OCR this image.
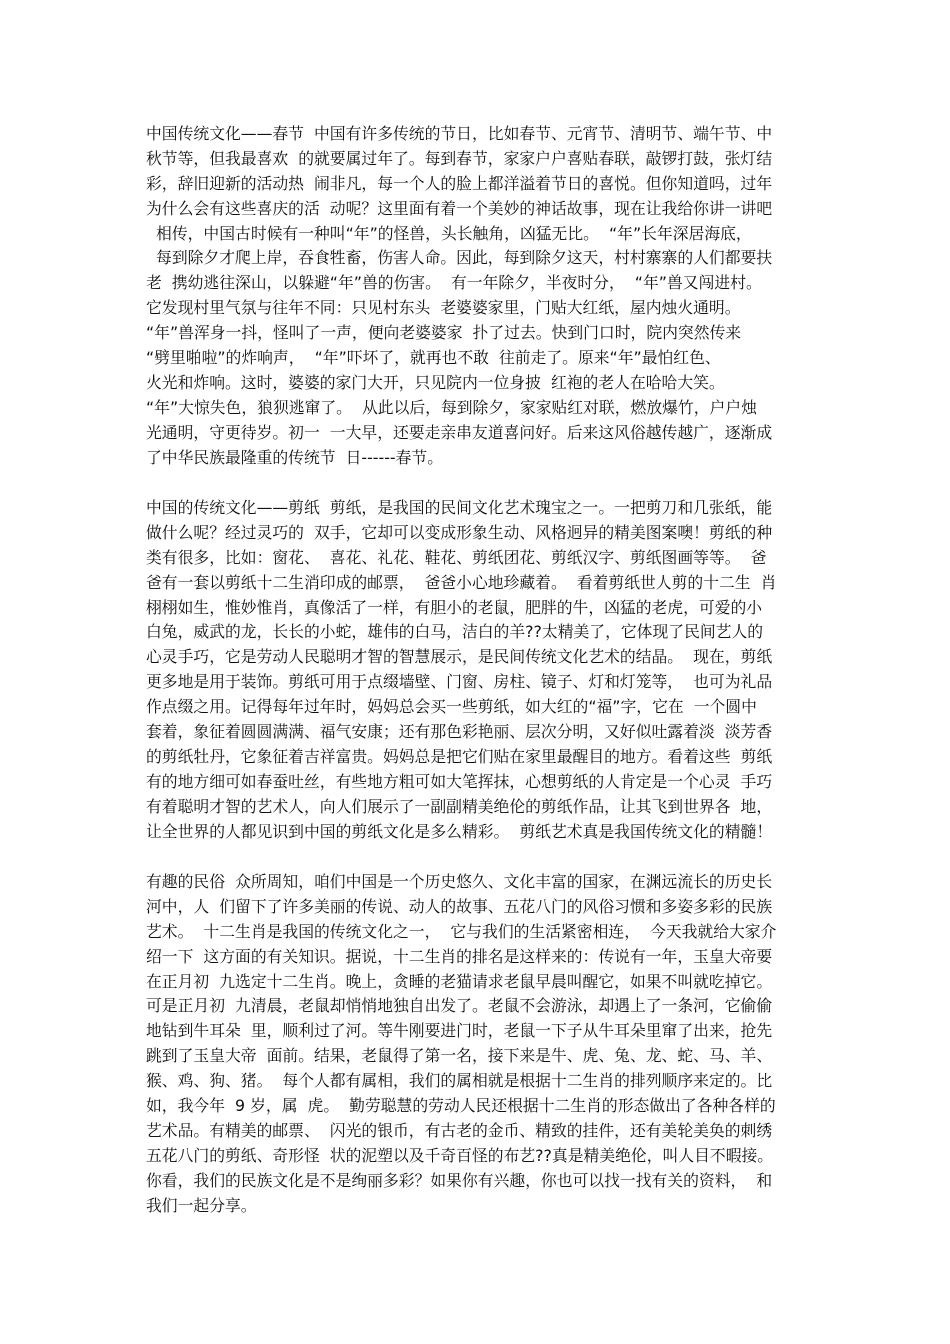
中国传统文化——春节  中国有许多传统的节日，比如春节、元宵节、清明节、端午节、中
秋节等，但我最喜欢  的就要属过年了。每到春节，家家户户喜贴春联，敲锣打鼓，张灯结
彩，辞旧迎新的活动热  闹非凡，每一个人的脸上都洋溢着节日的喜悦。但你知道吗，过年
为什么会有这些喜庆的活  动呢？这里面有着一个美妙的神话故事，现在让我给你讲一讲吧
相传，中国古时候有一种叫“年”的怪兽，头长触角，凶猛无比。  “年”长年深居海底，
每到除夕才爬上岸，吞食牲畜，伤害人命。因此，每到除夕这天，村村寨寨的人们都要扶
老  携幼逃往深山，以躲避“年”兽的伤害。  有一年除夕，半夜时分，  “年”兽又闯进村。
它发现村里气氛与往年不同：只见村东头  老婆婆家里，门贴大红纸，屋内烛火通明。
“年”兽浑身一抖，怪叫了一声，便向老婆婆家  扑了过去。快到门口时，院内突然传来
“劈里啪啦”的炸响声，  “年”吓坏了，就再也不敢  往前走了。原来“年”最怕红色、
火光和炸响。这时，婆婆的家门大开，只见院内一位身披  红袍的老人在哈哈大笑。
“年”大惊失色，狼狈逃窜了。  从此以后，每到除夕，家家贴红对联，燃放爆竹，户户烛
光通明，守更待岁。初一  一大早，还要走亲串友道喜问好。后来这风俗越传越广，逐渐成
了中华民族最隆重的传统节  日------春节。
中国的传统文化——剪纸  剪纸，是我国的民间文化艺术瑰宝之一。一把剪刀和几张纸，能
做什么呢？经过灵巧的  双手，它却可以变成形象生动、风格迥异的精美图案噢！剪纸的种
类有很多，比如：窗花、  喜花、礼花、鞋花、剪纸团花、剪纸汉字、剪纸图画等等。  爸
爸有一套以剪纸十二生消印成的邮票，  爸爸小心地珍藏着。  看着剪纸世人剪的十二生  肖
栩栩如生，惟妙惟肖，真像活了一样，有胆小的老鼠，肥胖的牛，凶猛的老虎，可爱的小
白兔，威武的龙，长长的小蛇，雄伟的白马，洁白的羊??太精美了，它体现了民间艺人的
心灵手巧，它是劳动人民聪明才智的智慧展示，是民间传统文化艺术的结晶。  现在，剪纸
更多地是用于装饰。剪纸可用于点缀墙壁、门窗、房柱、镜子、灯和灯笼等，  也可为礼品
作点缀之用。记得每年过年时，妈妈总会买一些剪纸，如大红的“福”字，它在  一个圆中
套着，象征着圆圆满满、福气安康；还有那色彩艳丽、层次分明，又好似吐露着淡  淡芳香
的剪纸牡丹，它象征着吉祥富贵。妈妈总是把它们贴在家里最醒目的地方。看着这些  剪纸
有的地方细可如春蚕吐丝，有些地方粗可如大笔挥抹，心想剪纸的人肯定是一个心灵  手巧
有着聪明才智的艺术人，向人们展示了一副副精美绝伦的剪纸作品，让其飞到世界各  地，
让全世界的人都见识到中国的剪纸文化是多么精彩。  剪纸艺术真是我国传统文化的精髓！
有趣的民俗  众所周知，咱们中国是一个历史悠久、文化丰富的国家，在渊远流长的历史长
河中，人  们留下了许多美丽的传说、动人的故事、五花八门的风俗习惯和多姿多彩的民族
艺术。  十二生肖是我国的传统文化之一，  它与我们的生活紧密相连，  今天我就给大家介
绍一下  这方面的有关知识。据说，十二生肖的排名是这样来的：传说有一年，玉皇大帝要
在正月初  九选定十二生肖。晚上，贪睡的老猫请求老鼠早晨叫醒它，如果不叫就吃掉它。
可是正月初  九清晨，老鼠却悄悄地独自出发了。老鼠不会游泳，却遇上了一条河，它偷偷
地钻到牛耳朵  里，顺利过了河。等牛刚要进门时，老鼠一下子从牛耳朵里窜了出来，抢先
跳到了玉皇大帝  面前。结果，老鼠得了第一名，接下来是牛、虎、兔、龙、蛇、马、羊、
猴、鸡、狗、猪。  每个人都有属相，我们的属相就是根据十二生肖的排列顺序来定的。比
如，我今年  9 岁，属  虎。  勤劳聪慧的劳动人民还根据十二生肖的形态做出了各种各样的
艺术品。有精美的邮票、  闪光的银币，有古老的金币、精致的挂件，还有美轮美奂的刺绣
五花八门的剪纸、奇形怪  状的泥塑以及千奇百怪的布艺??真是精美绝伦，叫人目不暇接。
你看，我们的民族文化是不是绚丽多彩？如果你有兴趣，你也可以找一找有关的资料，  和
我们一起分享。
